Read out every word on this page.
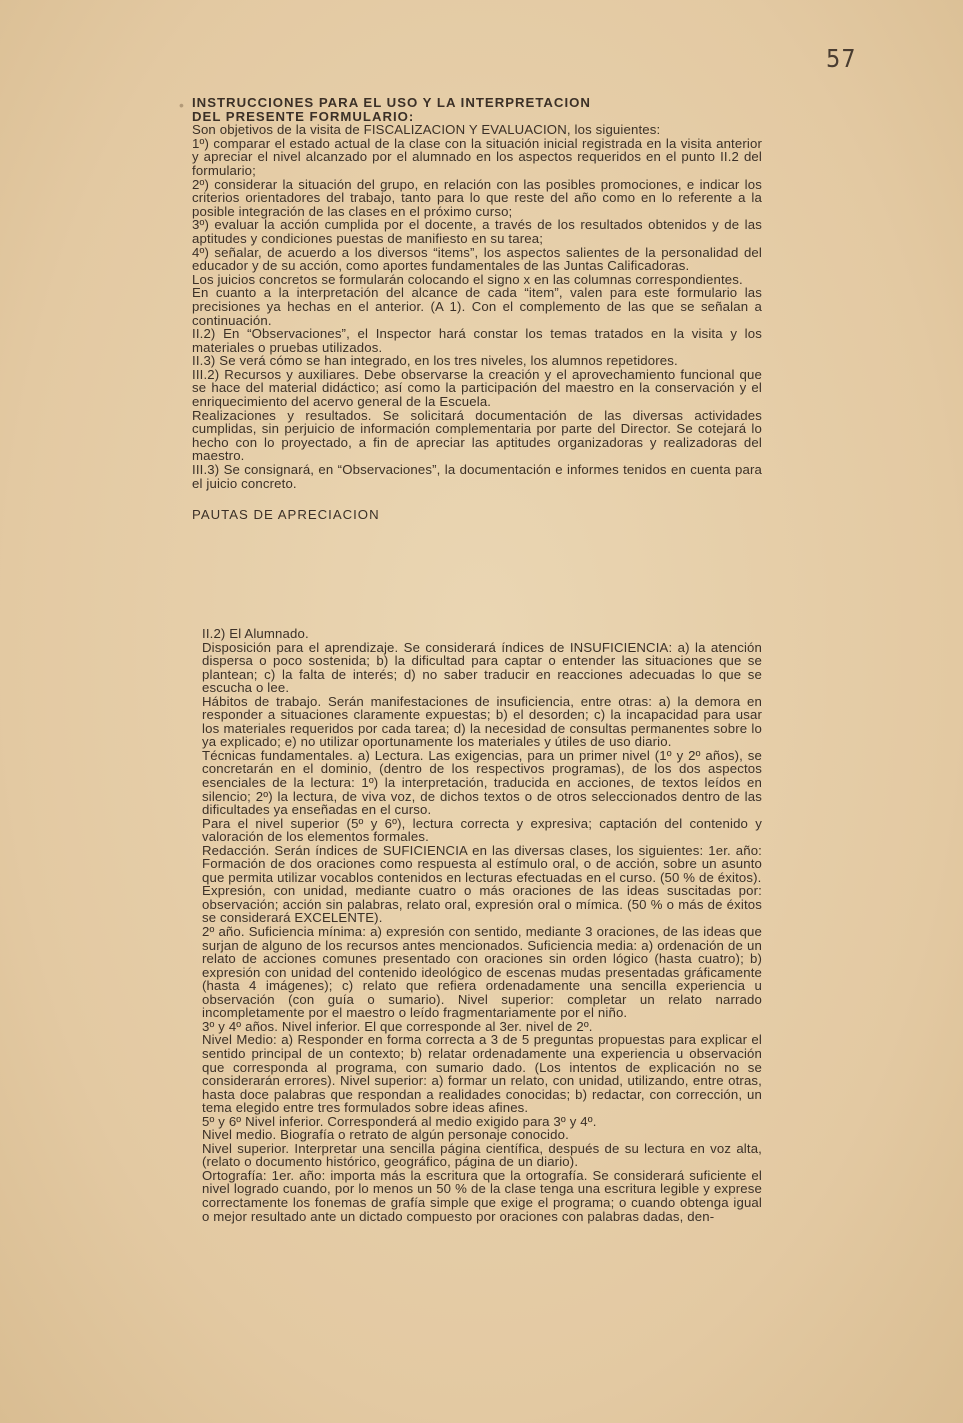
57
• INSTRUCCIONES PARA EL USO Y LA INTERPRETACION

DEL PRESENTE FORMULARIO:

Son objetivos de la visita de FISCALIZACION Y EVALUACION, los siguientes:

1º) comparar el estado actual de la clase con la situación inicial registrada en la visita anterior y apreciar el nivel alcanzado por el alumnado en los aspectos requeridos en el punto II.2 del formulario;

2º) considerar la situación del grupo, en relación con las posibles promociones, e indicar los criterios orientadores del trabajo, tanto para lo que reste del año como en lo referente a la posible integración de las clases en el próximo curso;

3º) evaluar la acción cumplida por el docente, a través de los resultados obtenidos y de las aptitudes y condiciones puestas de manifiesto en su tarea;

4º) señalar, de acuerdo a los diversos “items”, los aspectos salientes de la personalidad del educador y de su acción, como aportes fundamentales de las Juntas Calificadoras.

Los juicios concretos se formularán colocando el signo x en las columnas correspondientes.

En cuanto a la interpretación del alcance de cada “item”, valen para este formulario las precisiones ya hechas en el anterior. (A 1). Con el complemento de las que se señalan a continuación.

II.2) En “Observaciones”, el Inspector hará constar los temas tratados en la visita y los materiales o pruebas utilizados.

II.3) Se verá cómo se han integrado, en los tres niveles, los alumnos repetidores.

III.2) Recursos y auxiliares. Debe observarse la creación y el aprovechamiento funcional que se hace del material didáctico; así como la participación del maestro en la conservación y el enriquecimiento del acervo general de la Escuela.

Realizaciones y resultados. Se solicitará documentación de las diversas actividades cumplidas, sin perjuicio de información complementaria por parte del Director. Se cotejará lo hecho con lo proyectado, a fin de apreciar las aptitudes organizadoras y realizadoras del maestro.

III.3) Se consignará, en “Observaciones”, la documentación e informes tenidos en cuenta para el juicio concreto.

PAUTAS DE APRECIACION

II.2) El Alumnado.

Disposición para el aprendizaje. Se considerará índices de INSUFICIENCIA: a) la atención dispersa o poco sostenida; b) la dificultad para captar o entender las situaciones que se plantean; c) la falta de interés; d) no saber traducir en reacciones adecuadas lo que se escucha o lee.

Hábitos de trabajo. Serán manifestaciones de insuficiencia, entre otras: a) la demora en responder a situaciones claramente expuestas; b) el desorden; c) la incapacidad para usar los materiales requeridos por cada tarea; d) la necesidad de consultas permanentes sobre lo ya explicado; e) no utilizar oportunamente los materiales y útiles de uso diario.

Técnicas fundamentales. a) Lectura. Las exigencias, para un primer nivel (1º y 2º años), se concretarán en el dominio, (dentro de los respectivos programas), de los dos aspectos esenciales de la lectura: 1º) la interpretación, traducida en acciones, de textos leídos en silencio; 2º) la lectura, de viva voz, de dichos textos o de otros seleccionados dentro de las dificultades ya enseñadas en el curso.

Para el nivel superior (5º y 6º), lectura correcta y expresiva; captación del contenido y valoración de los elementos formales.

Redacción. Serán índices de SUFICIENCIA en las diversas clases, los siguientes: 1er. año: Formación de dos oraciones como respuesta al estímulo oral, o de acción, sobre un asunto que permita utilizar vocablos contenidos en lecturas efectuadas en el curso. (50 % de éxitos).

Expresión, con unidad, mediante cuatro o más oraciones de las ideas suscitadas por: observación; acción sin palabras, relato oral, expresión oral o mímica. (50 % o más de éxitos se considerará EXCELENTE).

2º año. Suficiencia mínima: a) expresión con sentido, mediante 3 oraciones, de las ideas que surjan de alguno de los recursos antes mencionados. Suficiencia media: a) ordenación de un relato de acciones comunes presentado con oraciones sin orden lógico (hasta cuatro); b) expresión con unidad del contenido ideológico de escenas mudas presentadas gráficamente (hasta 4 imágenes); c) relato que refiera ordenadamente una sencilla experiencia u observación (con guía o sumario). Nivel superior: completar un relato narrado incompletamente por el maestro o leído fragmentariamente por el niño.

3º y 4º años. Nivel inferior. El que corresponde al 3er. nivel de 2º.

Nivel Medio: a) Responder en forma correcta a 3 de 5 preguntas propuestas para explicar el sentido principal de un contexto; b) relatar ordenadamente una experiencia u observación que corresponda al programa, con sumario dado. (Los intentos de explicación no se considerarán errores). Nivel superior: a) formar un relato, con unidad, utilizando, entre otras, hasta doce palabras que respondan a realidades conocidas; b) redactar, con corrección, un tema elegido entre tres formulados sobre ideas afines.

5º y 6º Nivel inferior. Corresponderá al medio exigido para 3º y 4º.

Nivel medio. Biografía o retrato de algún personaje conocido.

Nivel superior. Interpretar una sencilla página científica, después de su lectura en voz alta, (relato o documento histórico, geográfico, página de un diario).

Ortografía: 1er. año: importa más la escritura que la ortografía. Se considerará suficiente el nivel logrado cuando, por lo menos un 50 % de la clase tenga una escritura legible y exprese correctamente los fonemas de grafía simple que exige el programa; o cuando obtenga igual o mejor resultado ante un dictado compuesto por oraciones con palabras dadas, den-
